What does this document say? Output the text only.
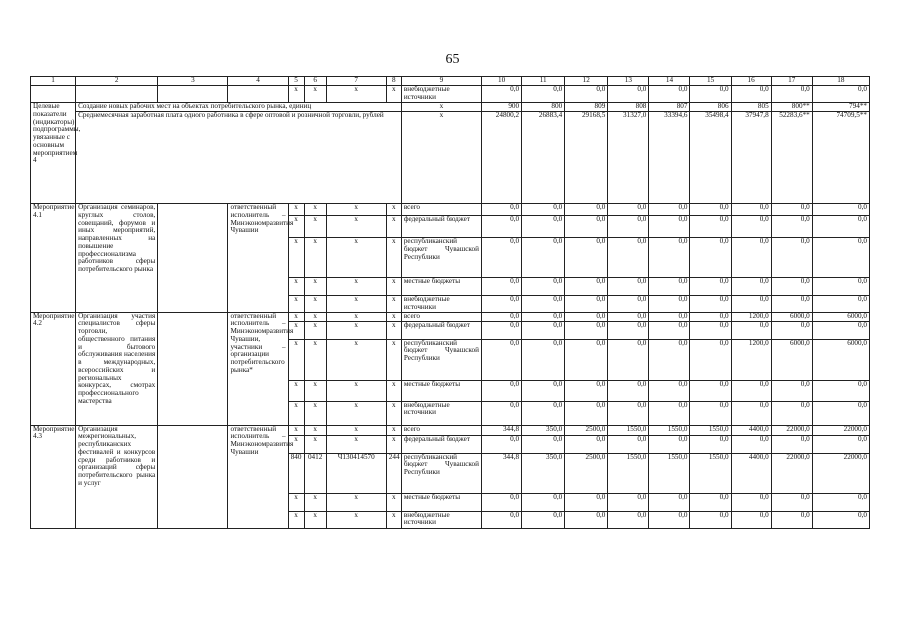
65
1	2	3	4	5	6	7	8	9	10	11	12	13	14	15	16	17	18
				x	x	x	x	внебюджетные источники	0,0	0,0	0,0	0,0	0,0	0,0	0,0	0,0	0,0
Целевые показатели (индикаторы) подпрограммы, увязанные с основным мероприятием 4	Создание новых рабочих мест на объектах потребительского рынка, единиц							x	900	800	809	808	807	806	805	800**	794**
	Среднемесячная заработная плата одного работника в сфере оптовой и розничной торговли, рублей							x	24800,2	26883,4	29168,5	31327,0	33394,6	35498,4	37947,8	52283,6**	74709,5**
Мероприятие 4.1	Организация семинаров, круглых столов, совещаний, форумов и иных мероприятий, направленных на повышение профессионализма работников сферы потребительского рынка		ответственный исполнитель – Минэкономразвития Чувашии	x	x	x	x	всего	0,0	0,0	0,0	0,0	0,0	0,0	0,0	0,0	0,0
				x	x	x	x	федеральный бюджет	0,0	0,0	0,0	0,0	0,0	0,0	0,0	0,0	0,0
				x	x	x	x	республиканский бюджет Чувашской Республики	0,0	0,0	0,0	0,0	0,0	0,0	0,0	0,0	0,0
				x	x	x	x	местные бюджеты	0,0	0,0	0,0	0,0	0,0	0,0	0,0	0,0	0,0
				x	x	x	x	внебюджетные источники	0,0	0,0	0,0	0,0	0,0	0,0	0,0	0,0	0,0
Мероприятие 4.2	Организация участия специалистов сферы торговли, общественного питания и бытового обслуживания населения в международных, всероссийских и региональных конкурсах, смотрах профессионального мастерства		ответственный исполнитель – Минэкономразвития Чувашии, участники – организации потребительского рынка*	x	x	x	x	всего	0,0	0,0	0,0	0,0	0,0	0,0	1200,0	6000,0	6000,0
				x	x	x	x	федеральный бюджет	0,0	0,0	0,0	0,0	0,0	0,0	0,0	0,0	0,0
				x	x	x	x	республиканский бюджет Чувашской Республики	0,0	0,0	0,0	0,0	0,0	0,0	1200,0	6000,0	6000,0
				x	x	x	x	местные бюджеты	0,0	0,0	0,0	0,0	0,0	0,0	0,0	0,0	0,0
				x	x	x	x	внебюджетные источники	0,0	0,0	0,0	0,0	0,0	0,0	0,0	0,0	0,0
Мероприятие 4.3	Организация межрегиональных, республиканских фестивалей и конкурсов среди работников и организаций сферы потребительского рынка и услуг		ответственный исполнитель – Минэкономразвития Чувашии	x	x	x	x	всего	344,8	350,0	2500,0	1550,0	1550,0	1550,0	4400,0	22000,0	22000,0
				x	x	x	x	федеральный бюджет	0,0	0,0	0,0	0,0	0,0	0,0	0,0	0,0	0,0
				840	0412	Ч130414570	244	республиканский бюджет Чувашской Республики	344,8	350,0	2500,0	1550,0	1550,0	1550,0	4400,0	22000,0	22000,0
				x	x	x	x	местные бюджеты	0,0	0,0	0,0	0,0	0,0	0,0	0,0	0,0	0,0
				x	x	x	x	внебюджетные источники	0,0	0,0	0,0	0,0	0,0	0,0	0,0	0,0	0,0
